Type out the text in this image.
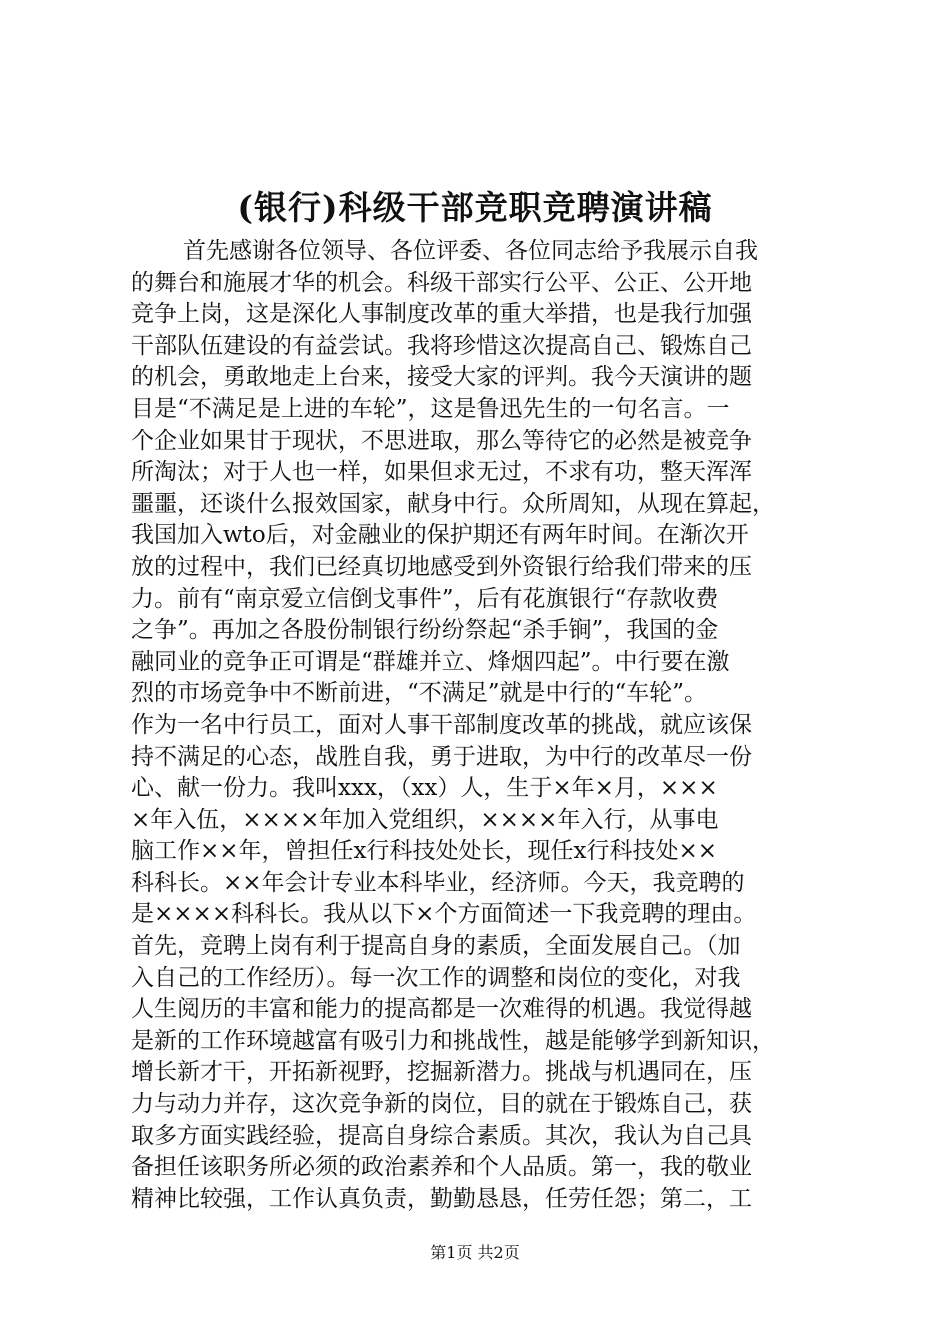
(银行)科级干部竞职竞聘演讲稿
首先感谢各位领导、各位评委、各位同志给予我展示自我
的舞台和施展才华的机会。科级干部实行公平、公正、公开地
竞争上岗，这是深化人事制度改革的重大举措，也是我行加强
干部队伍建设的有益尝试。我将珍惜这次提高自己、锻炼自己
的机会，勇敢地走上台来，接受大家的评判。我今天演讲的题
目是“不满足是上进的车轮”，这是鲁迅先生的一句名言。一
个企业如果甘于现状，不思进取，那么等待它的必然是被竞争
所淘汰；对于人也一样，如果但求无过，不求有功，整天浑浑
噩噩，还谈什么报效国家，献身中行。众所周知，从现在算起，
我国加入wto后，对金融业的保护期还有两年时间。在渐次开
放的过程中，我们已经真切地感受到外资银行给我们带来的压
力。前有“南京爱立信倒戈事件”，后有花旗银行“存款收费
之争”。再加之各股份制银行纷纷祭起“杀手锏”，我国的金
融同业的竞争正可谓是“群雄并立、烽烟四起”。中行要在激
烈的市场竞争中不断前进，“不满足”就是中行的“车轮”。
作为一名中行员工，面对人事干部制度改革的挑战，就应该保
持不满足的心态，战胜自我，勇于进取，为中行的改革尽一份
心、献一份力。我叫xxx，（xx）人，生于×年×月，×××
×年入伍，××××年加入党组织，××××年入行，从事电
脑工作××年，曾担任x行科技处处长，现任x行科技处××
科科长。××年会计专业本科毕业，经济师。今天，我竞聘的
是××××科科长。我从以下×个方面简述一下我竞聘的理由。
首先，竞聘上岗有利于提高自身的素质，全面发展自己。（加
入自己的工作经历）。每一次工作的调整和岗位的变化，对我
人生阅历的丰富和能力的提高都是一次难得的机遇。我觉得越
是新的工作环境越富有吸引力和挑战性，越是能够学到新知识，
增长新才干，开拓新视野，挖掘新潜力。挑战与机遇同在，压
力与动力并存，这次竞争新的岗位，目的就在于锻炼自己，获
取多方面实践经验，提高自身综合素质。其次，我认为自己具
备担任该职务所必须的政治素养和个人品质。第一，我的敬业
精神比较强，工作认真负责，勤勤恳恳，任劳任怨；第二，工
第1页 共2页
